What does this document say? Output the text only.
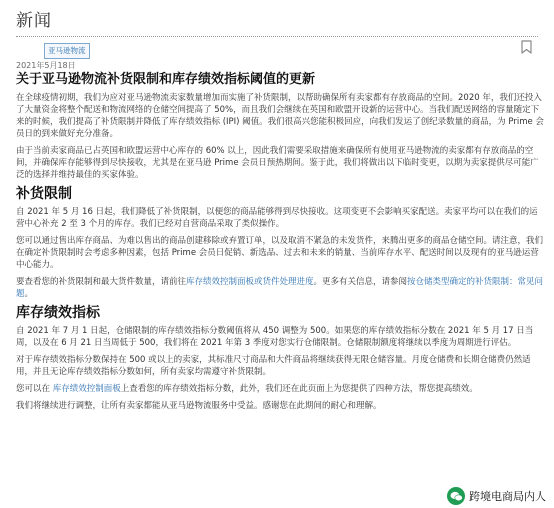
新闻
亚马逊物流
2021年5月18日
关于亚马逊物流补货限制和库存绩效指标阈值的更新

在全球疫情初期，我们为应对亚马逊物流卖家数量增加而实施了补货限制，以帮助确保所有卖家都有存放商品的空间。2020 年，我们还投入了大量资金将整个配送和物流网络的仓储空间提高了 50%，而且我们会继续在英国和欧盟开设新的运营中心。当我们配送网络的容量随定下来的时候，我们提高了补货限制并降低了库存绩效指标 (IPI) 阈值。我们很高兴您能积极回应，向我们发运了创纪录数量的商品，为 Prime 会员日的到来做好充分准备。

由于当前卖家商品已占英国和欧盟运营中心库存的 60% 以上，因此我们需要采取措施来确保所有使用亚马逊物流的卖家都有存放商品的空间，并确保库存能够得到尽快接收，尤其是在亚马逊 Prime 会员日预热期间。鉴于此，我们将做出以下临时变更，以期为卖家提供尽可能广泛的选择并维持最佳的买家体验。

补货限制

自 2021 年 5 月 16 日起，我们降低了补货限制，以便您的商品能够得到尽快接收。这项变更不会影响买家配送。卖家平均可以在我们的运营中心补充 2 至 3 个月的库存。我们已经对自营商品采取了类似操作。

您可以通过售出库存商品、为难以售出的商品创建移除或弃置订单，以及取消不紧急的未发货件，来腾出更多的商品仓储空间。请注意，我们在确定补货限制时会考虑多种因素，包括 Prime 会员日促销、新选品、过去和未来的销量、当前库存水平、配送时间以及现有的亚马逊运营中心能力。

要查看您的补货限制和最大货件数量，请前往库存绩效控制面板或货件处理进度。更多有关信息，请参阅按仓储类型确定的补货限制：常见问题。

库存绩效指标

自 2021 年 7 月 1 日起，仓储限制的库存绩效指标分数阈值将从 450 调整为 500。如果您的库存绩效指标分数在 2021 年 5 月 17 日当周，以及在 6 月 21 日当周低于 500，我们将在 2021 年第 3 季度对您实行仓储限制。仓储限制额度将继续以季度为周期进行评估。

对于库存绩效指标分数保持在 500 或以上的卖家，其标准尺寸商品和大件商品将继续获得无限仓储容量。月度仓储费和长期仓储费仍然适用，并且无论库存绩效指标分数如何，所有卖家均需遵守补货限制。

您可以在 库存绩效控制面板上查看您的库存绩效指标分数，此外，我们还在此页面上为您提供了四种方法，帮您提高绩效。

我们将继续进行调整，让所有卖家都能从亚马逊物流服务中受益。感谢您在此期间的耐心和理解。

跨境电商局内人
